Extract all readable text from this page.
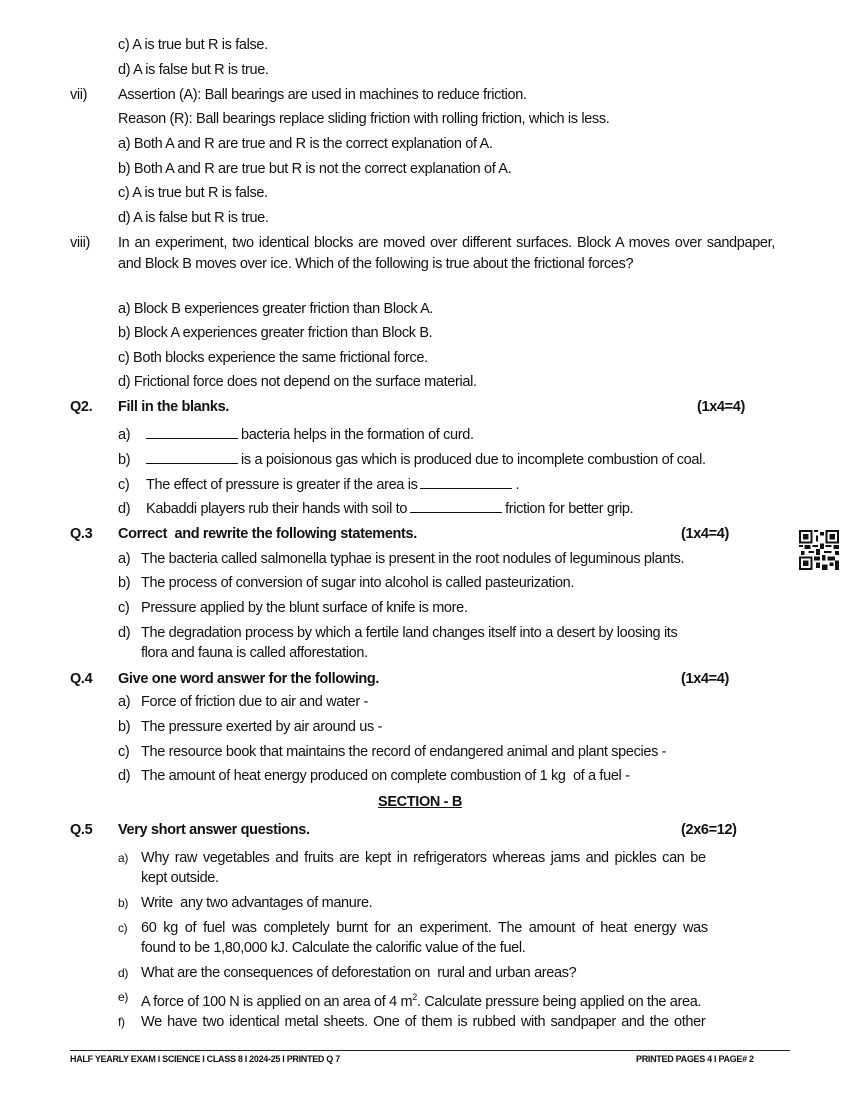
c) A is true but R is false.
d) A is false but R is true.
vii) Assertion (A): Ball bearings are used in machines to reduce friction.
Reason (R): Ball bearings replace sliding friction with rolling friction, which is less.
a) Both A and R are true and R is the correct explanation of A.
b) Both A and R are true but R is not the correct explanation of A.
c) A is true but R is false.
d) A is false but R is true.
viii) In an experiment, two identical blocks are moved over different surfaces. Block A moves over sandpaper, and Block B moves over ice. Which of the following is true about the frictional forces?
a) Block B experiences greater friction than Block A.
b) Block A experiences greater friction than Block B.
c) Both blocks experience the same frictional force.
d) Frictional force does not depend on the surface material.
Q2. Fill in the blanks.	(1x4=4)
a)	bacteria helps in the formation of curd.
b)	is a poisionous gas which is produced due to incomplete combustion of coal.
c) The effect of pressure is greater if the area is	.
d) Kabaddi players rub their hands with soil to	friction for better grip.
Q.3 Correct  and rewrite the following statements.	(1x4=4)
a) The bacteria called salmonella typhae is present in the root nodules of leguminous plants.
b) The process of conversion of sugar into alcohol is called pasteurization.
c) Pressure applied by the blunt surface of knife is more.
d) The degradation process by which a fertile land changes itself into a desert by loosing its
flora and fauna is called afforestation.
Q.4 Give one word answer for the following.	(1x4=4)
a) Force of friction due to air and water -
b) The pressure exerted by air around us -
c) The resource book that maintains the record of endangered animal and plant species -
d) The amount of heat energy produced on complete combustion of 1 kg  of a fuel -
SECTION - B
Q.5 Very short answer questions.	(2x6=12)
a) Why raw vegetables and fruits are kept in refrigerators whereas jams and pickles can be
kept outside.
b) Write  any two advantages of manure.
c) 60 kg of fuel was completely burnt for an experiment. The amount of heat energy was
found to be 1,80,000 kJ. Calculate the calorific value of the fuel.
d) What are the consequences of deforestation on  rural and urban areas?
e) A force of 100 N is applied on an area of 4 $m^2$. Calculate pressure being applied on the area.
f) We have two identical metal sheets. One of them is rubbed with sandpaper and the other
HALF YEARLY EXAM I SCIENCE I CLASS 8 I 2024-25 I PRINTED Q 7	PRINTED PAGES 4 I PAGE# 2
